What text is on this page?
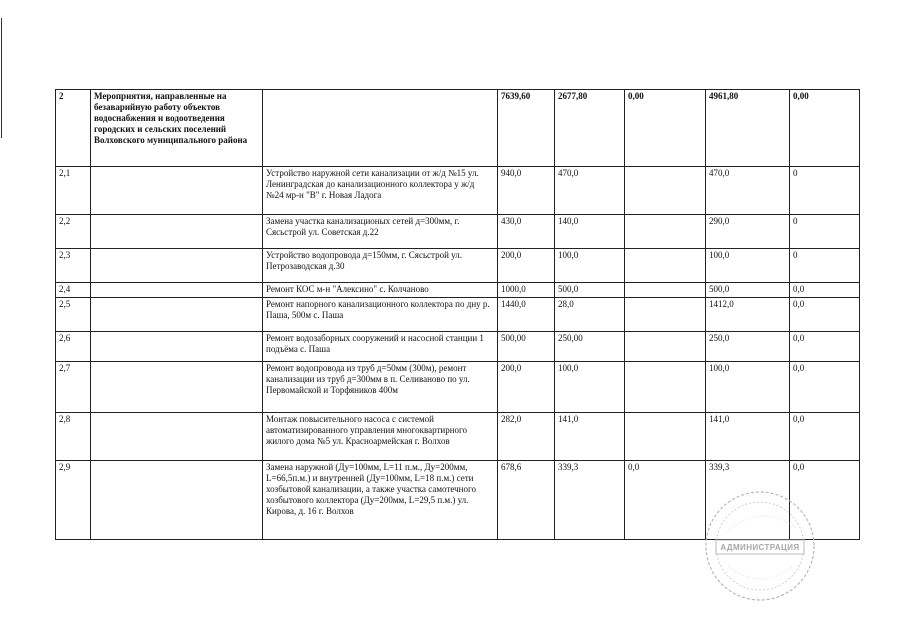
2	Мероприятия, направленные на безаварийную работу объектов водоснабжения и водоотведения городских и сельских поселений Волховского муниципального района		7639,60	2677,80	0,00	4961,80	0,00
2,1		Устройство наружной сети канализации от ж/д №15 ул. Ленинградская до канализационного коллектора у ж/д №24 мр-н "В" г. Новая Ладога	940,0	470,0		470,0	0
2,2		Замена участка канализационых сетей д=300мм, г. Сясьстрой ул. Советская д.22	430,0	140,0		290,0	0
2,3		Устройство водопровода д=150мм, г. Сясьстрой ул. Петрозаводская д.30	200,0	100,0		100,0	0
2,4		Ремонт КОС м-н "Алексино" с. Колчаново	1000,0	500,0		500,0	0,0
2,5		Ремонт напорного канализационного коллектора по дну р. Паша, 500м с. Паша	1440,0	28,0		1412,0	0,0
2,6		Ремонт водозаборных сооружений и насосной станции 1 подъёма с. Паша	500,00	250,00		250,0	0,0
2,7		Ремонт водопровода из труб д=50мм (300м), ремонт канализации из труб д=300мм в п. Селиваново по ул. Первомайской и Торфяников 400м	200,0	100,0		100,0	0,0
2,8		Монтаж повысительного насоса с системой автоматизированного управления многоквартирного жилого дома №5 ул. Красноармейская г. Волхов	282,0	141,0		141,0	0,0
2,9		Замена наружной (Ду=100мм, L=11 п.м., Ду=200мм, L=66,5п.м.) и внутренней (Ду=100мм, L=18 п.м.) сети хозбытовой канализации, а также участка самотечного хозбытового коллектора (Ду=200мм, L=29,5 п.м.) ул. Кирова, д. 16 г. Волхов	678,6	339,3	0,0	339,3	0,0
АДМИНИСТРАЦИЯ
